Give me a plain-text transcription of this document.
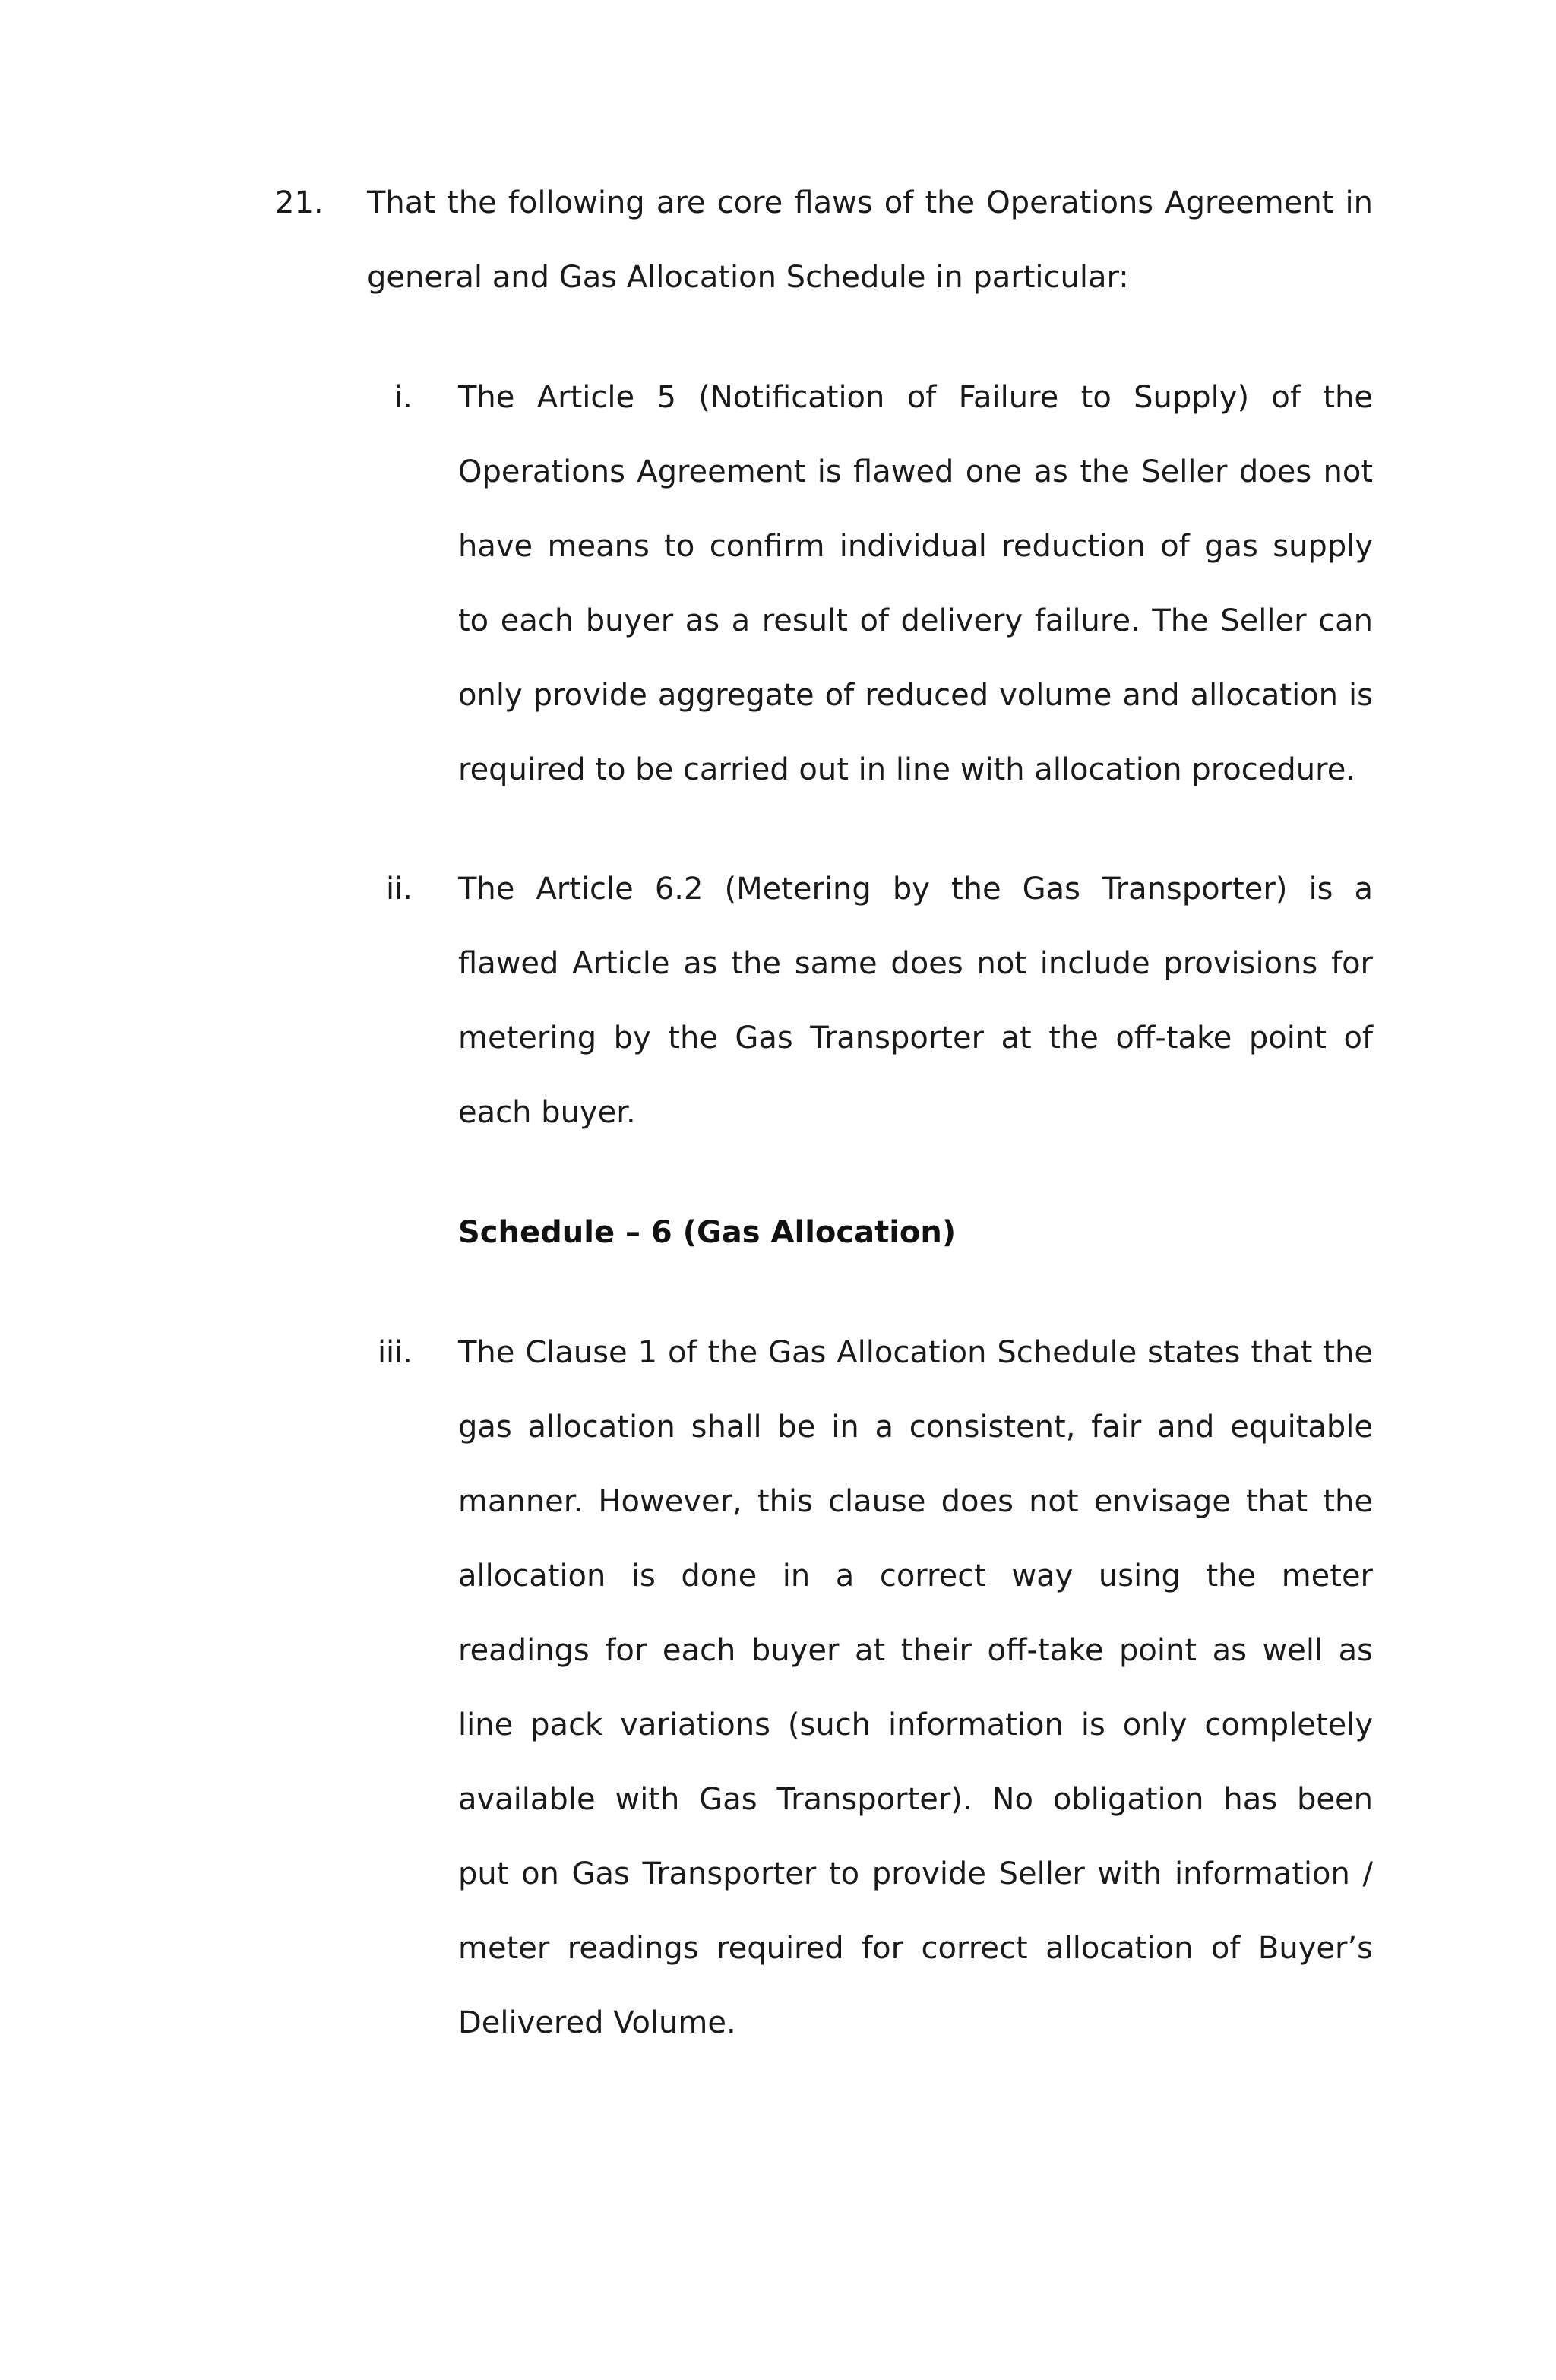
21. That the following are core flaws of the Operations Agreement in
general and Gas Allocation Schedule in particular:
i. The Article 5 (Notification of Failure to Supply) of the
Operations Agreement is flawed one as the Seller does not
have means to confirm individual reduction of gas supply
to each buyer as a result of delivery failure. The Seller can
only provide aggregate of reduced volume and allocation is
required to be carried out in line with allocation procedure.
ii. The Article 6.2 (Metering by the Gas Transporter) is a
flawed Article as the same does not include provisions for
metering by the Gas Transporter at the off-take point of
each buyer.
Schedule – 6 (Gas Allocation)
iii. The Clause 1 of the Gas Allocation Schedule states that the
gas allocation shall be in a consistent, fair and equitable
manner. However, this clause does not envisage that the
allocation is done in a correct way using the meter
readings for each buyer at their off-take point as well as
line pack variations (such information is only completely
available with Gas Transporter). No obligation has been
put on Gas Transporter to provide Seller with information /
meter readings required for correct allocation of Buyer’s
Delivered Volume.
